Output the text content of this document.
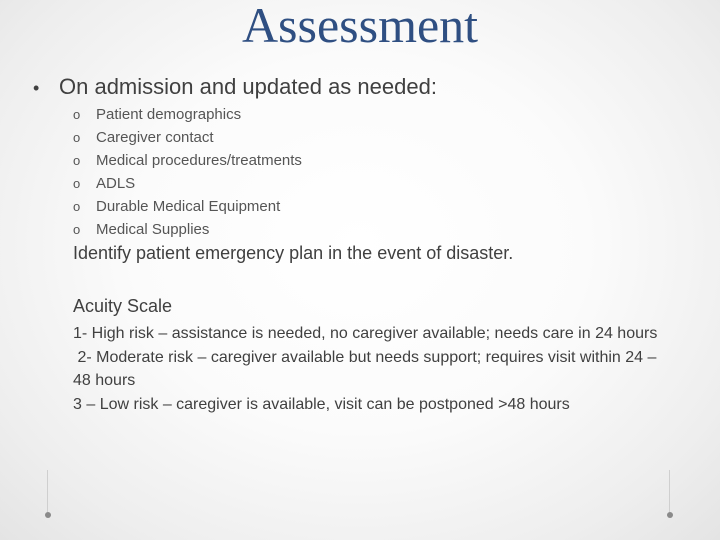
Assessment
• On admission and updated as needed:
o Patient demographics
o Caregiver contact
o Medical procedures/treatments
o ADLS
o Durable Medical Equipment
o Medical Supplies
Identify patient emergency plan in the event of disaster.
Acuity Scale
1- High risk – assistance is needed, no caregiver available; needs care in 24 hours
2- Moderate risk – caregiver available but needs support; requires visit within 24 – 48 hours
3 – Low risk – caregiver is available, visit can be postponed >48 hours
